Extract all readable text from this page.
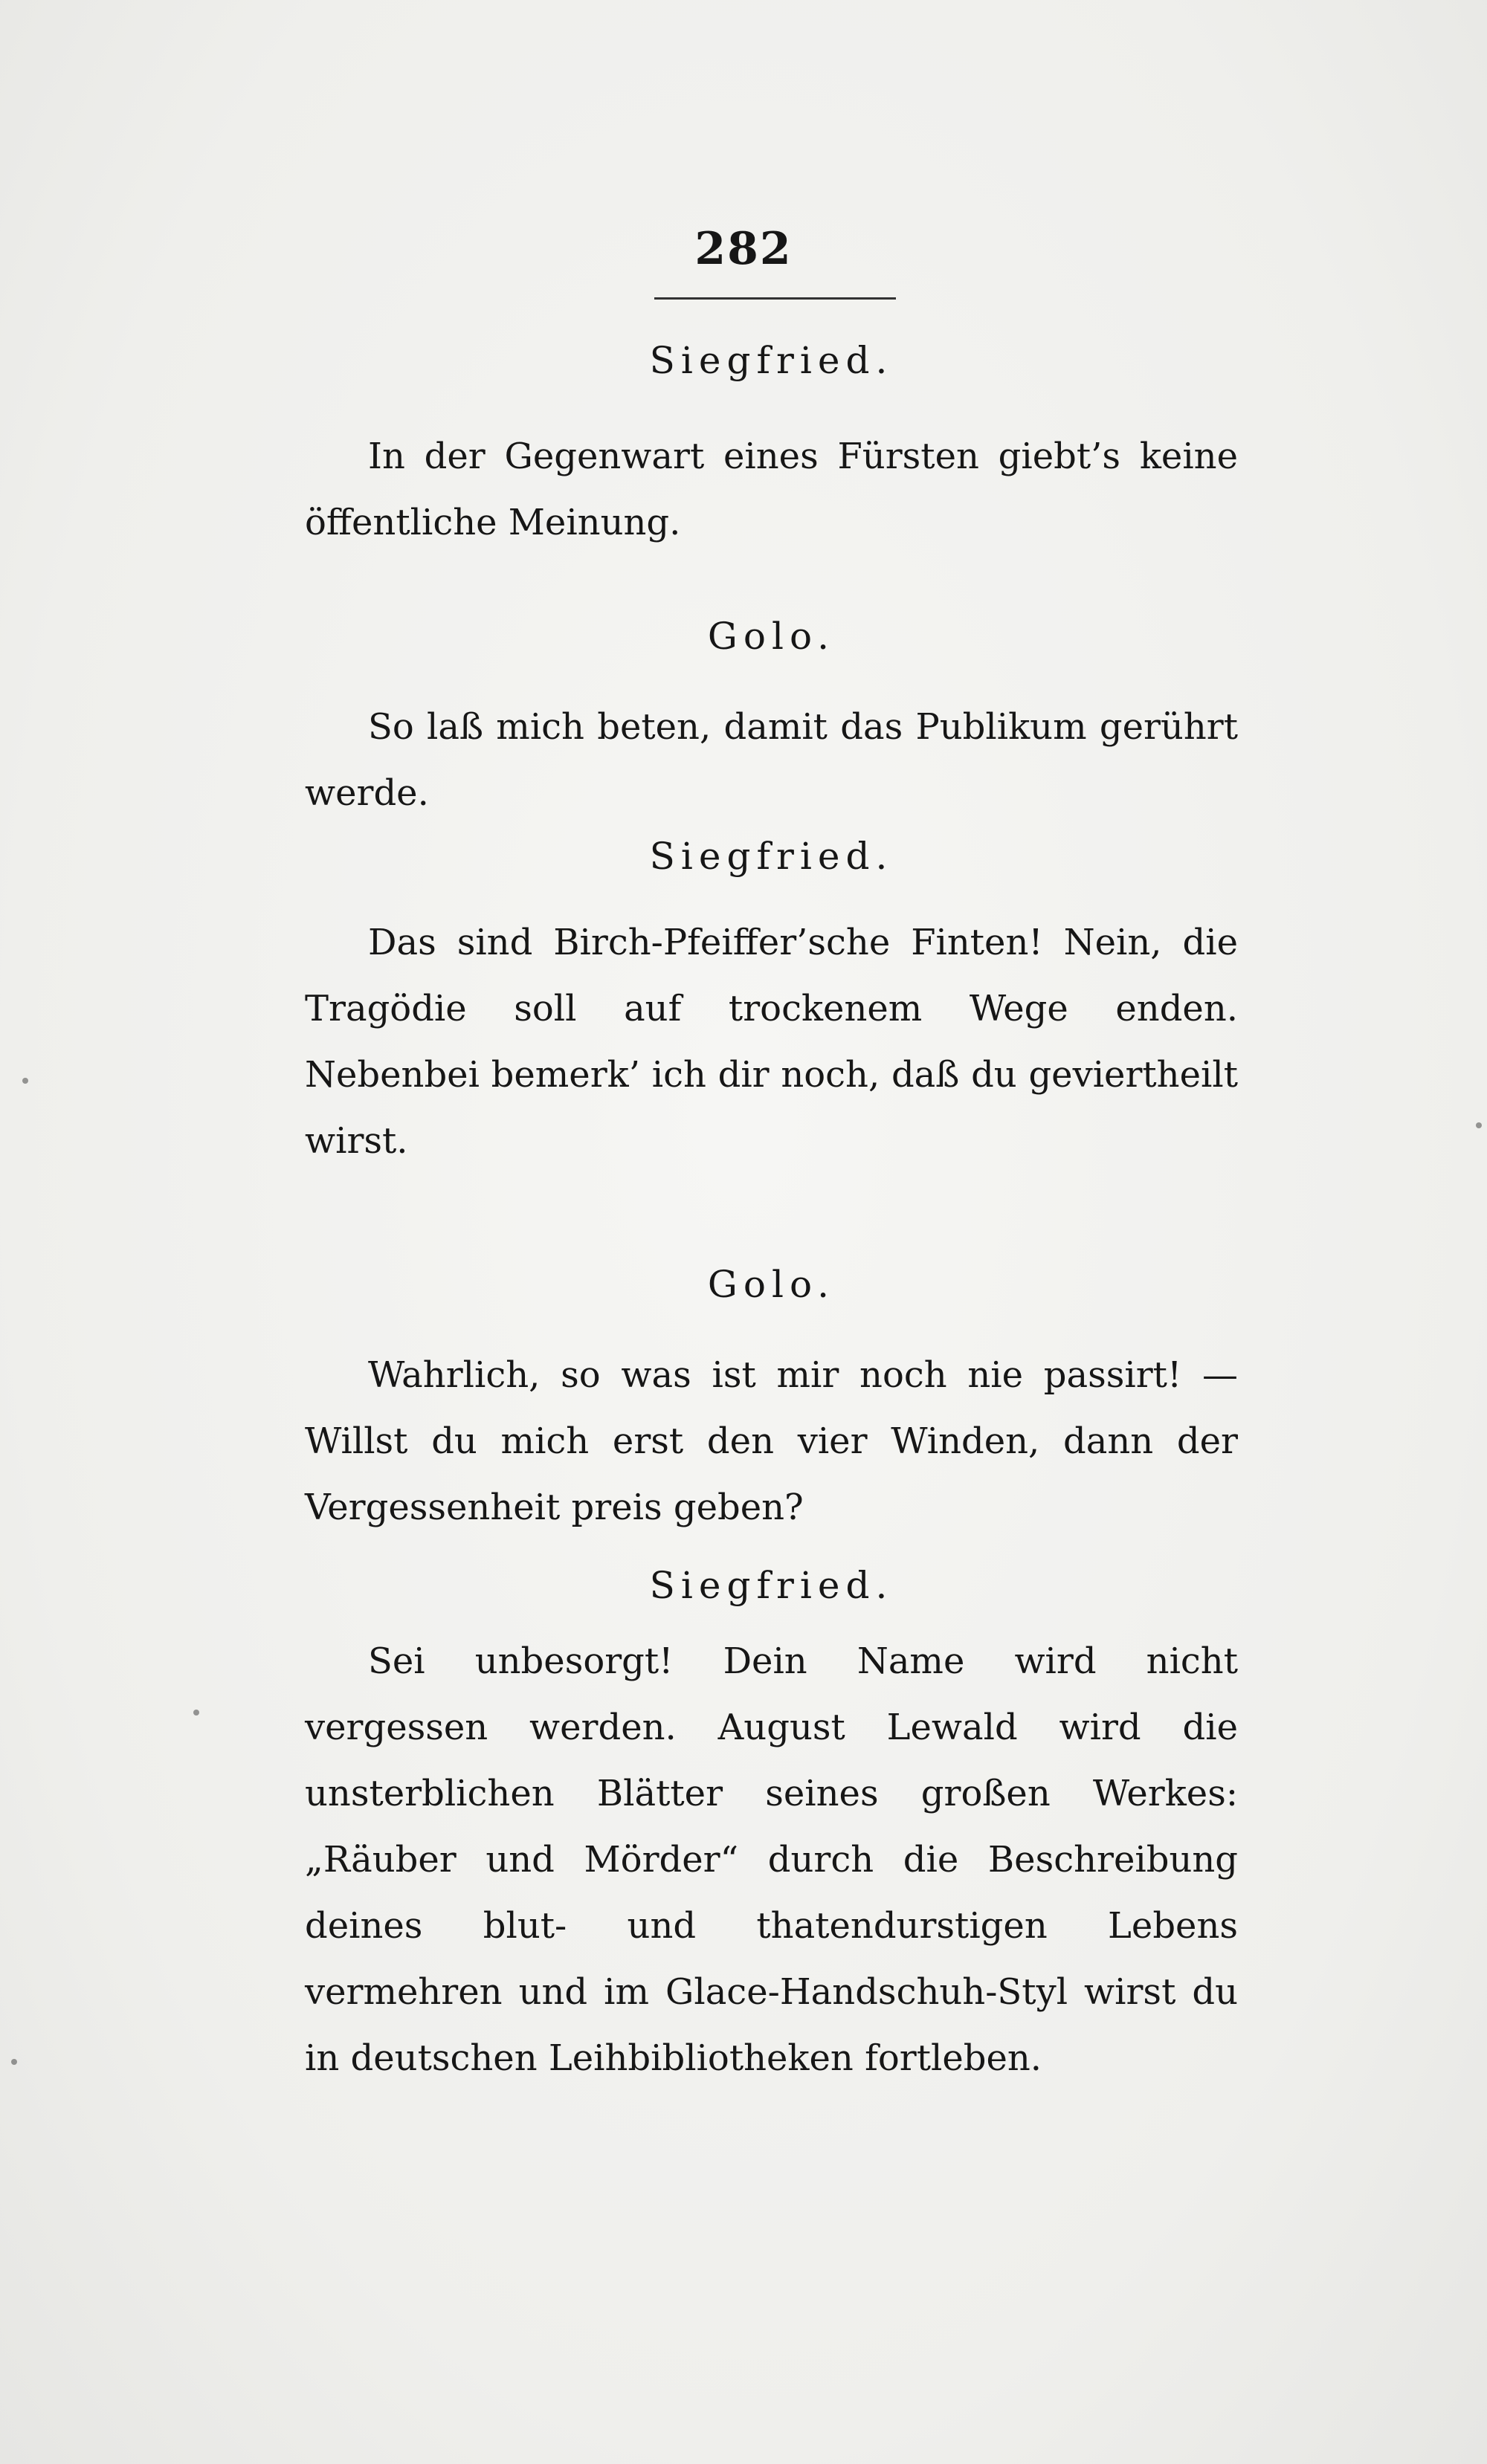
282

Siegfried.

In der Gegenwart eines Fürsten giebt’s keine öffentliche Meinung.

Golo.

So laß mich beten, damit das Publikum gerührt werde.

Siegfried.

Das sind Birch-Pfeiffer’sche Finten! Nein, die Tragödie soll auf trockenem Wege enden. Nebenbei bemerk’ ich dir noch, daß du geviertheilt wirst.

Golo.

Wahrlich, so was ist mir noch nie passirt! — Willst du mich erst den vier Winden, dann der Vergessenheit preis geben?

Siegfried.

Sei unbesorgt! Dein Name wird nicht vergessen werden. August Lewald wird die unsterblichen Blätter seines großen Werkes: „Räuber und Mörder“ durch die Beschreibung deines blut- und thatendurstigen Lebens vermehren und im Glace-Handschuh-Styl wirst du in deutschen Leihbibliotheken fortleben.
